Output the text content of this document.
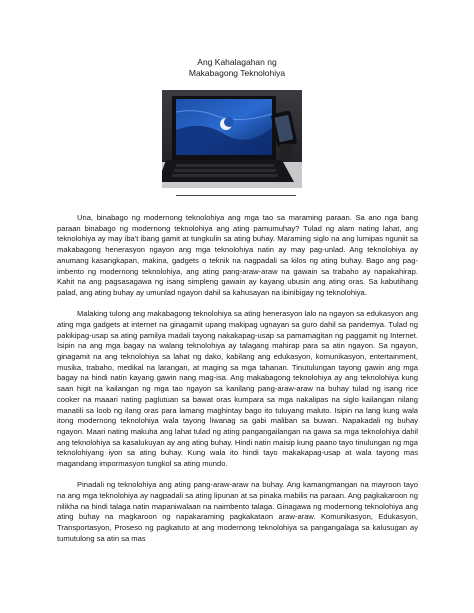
Ang Kahalagahan ng
Makabagong Teknolohiya

Una, binabago ng modernong teknolohiya ang mga tao sa maraming paraan. Sa ano nga bang paraan binabago ng modernong teknolohiya ang ating pamumuhay? Tulad ng alam nating lahat, ang teknolohiya ay may iba't ibang gamit at tungkulin sa ating buhay. Maraming siglo na ang lumipas nguniit sa makabagong henerasyon ngayon ang mga teknolohiya natin ay may pag-unlad. Ang teknolohiya ay anumang kasangkapan, makina, gadgets o teknik na nagpadali sa kilos ng ating buhay. Bago ang pag-imbento ng modernong teknolohiya, ang ating pang-araw-araw na gawain sa trabaho ay napakahirap. Kahit na ang pagsasagawa ng isang simpleng gawain ay kayang ubusin ang ating oras. Sa kabutihang palad, ang ating buhay ay umunlad ngayon dahil sa kahusayan na ibinibigay ng teknolohiya.

Malaking tulong ang makabagong teknolohiya sa ating henerasyon lalo na ngayon sa edukasyon ang ating mga gadgets at internet na ginagamit upang makipag ugnayan sa guro dahil sa pandemya. Tulad ng pakikipag-usap sa ating pamilya madali tayong nakakapag-usap sa pamamagitan ng paggamit ng Internet. Isipin na ang mga bagay na walang teknolohiya ay talagang mahirap para sa atin ngayon. Sa ngayon, ginagamit na ang teknolohiya sa lahat ng dako, kabilang ang edukasyon, komunikasyon, entertainment, musika, trabaho, medikal na larangan, at maging sa mga tahanan. Tinutulungan tayong gawin ang mga bagay na hindi natin kayang gawin nang mag-isa. Ang makabagong teknolohiya ay ang teknolohiya kung saan higit na kailangan ng mga tao ngayon sa kanilang pang-araw-araw na buhay tulad ng isang rice cooker na maaari nating paglutuan sa bawat oras kumpara sa mga nakalipas na siglo kailangan nilang manatili sa loob ng ilang oras para lamang maghintay bago ito tuluyang maluto. Isipin na lang kung wala itong modernong teknolohiya wala tayong liwanag sa gabi maliban sa buwan. Napakadali ng buhay ngayon. Maari nating makuha ang lahat tulad ng ating pangangailangan na gawa sa mga teknolohiya dahil ang teknolohiya sa kasalukuyan ay ang ating buhay. Hindi natin maisip kung paano tayo tinulungan ng mga teknolohiyang iyon sa ating buhay. Kung wala ito hindi tayo makakapag-usap at wala tayong mas magandang impormasyon tungkol sa ating mundo.

Pinadali ng teknolohiya ang ating pang-araw-araw na buhay. Ang kamangmangan na mayroon tayo na ang mga teknolohiya ay nagpadali sa ating lipunan at sa pinaka mabilis na paraan. Ang pagkakaroon ng nilikha na hindi talaga natin mapaniwalaan na naimbento talaga. Ginagawa ng modernong teknolohiya ang ating buhay na magkaroon ng napakaraming pagkakataon araw-araw. Komunikasyon, Edukasyon, Transportasyon, Proseso ng pagkatuto at ang modernong teknolohiya sa pangangalaga sa kalusugan ay tumutulong sa atin sa mas
